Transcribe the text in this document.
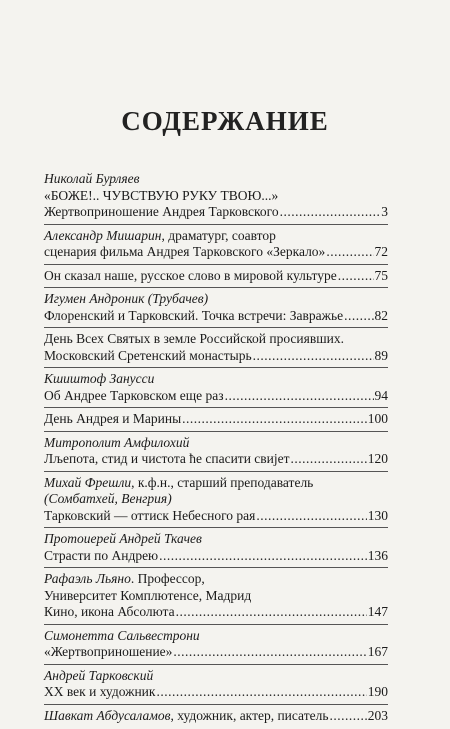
СОДЕРЖАНИЕ
Николай Бурляев
«БОЖЕ!.. ЧУВСТВУЮ РУКУ ТВОЮ...»
Жертвоприношение Андрея Тарковского .....	3
Александр Мишарин, драматург, соавтор
сценария фильма Андрея Тарковского «Зеркало» .....	72
Он сказал наше, русское слово в мировой культуре .....	75
Игумен Андроник (Трубачев)
Флоренский и Тарковский. Точка встречи: Завражье ..... 82
День Всех Святых в земле Российской просиявших.
Московский Сретенский монастырь .....	89
Кшиштоф Занусси
Об Андрее Тарковском еще раз .....	94
День Андрея и Марины .....	100
Митрополит Амфилохий
Лљепота, стид и чистота ће спасити свијет .....	120
Михай Фрешли, к.ф.н., старший преподаватель
(Сомбатхей, Венгрия)
Тарковский — оттиск Небесного рая .....	130
Протоиерей Андрей Ткачев
Страсти по Андрею .....	136
Рафаэль Льяно. Профессор,
Университет Комплютенсе, Мадрид
Кино, икона Абсолюта .....	147
Симонетта Сальвестрони
«Жертвоприношение» .....	167
Андрей Тарковский
XX век и художник .....	190
Шавкат Абдусаламов, художник, актер, писатель .....	203
